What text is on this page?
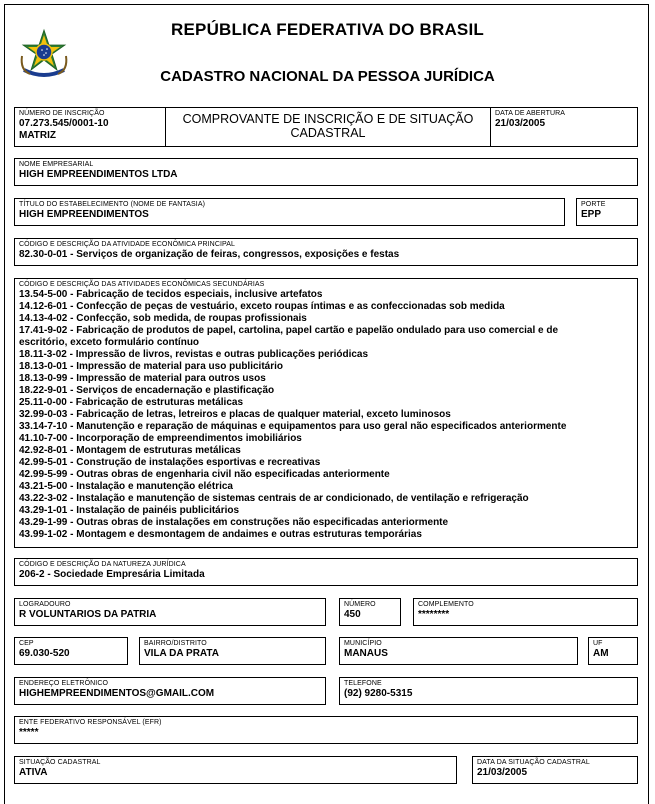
REPÚBLICA FEDERATIVA DO BRASIL
CADASTRO NACIONAL DA PESSOA JURÍDICA
NÚMERO DE INSCRIÇÃO
07.273.545/0001-10
MATRIZ
COMPROVANTE DE INSCRIÇÃO E DE SITUAÇÃO
CADASTRAL
DATA DE ABERTURA
21/03/2005
NOME EMPRESARIAL
HIGH EMPREENDIMENTOS LTDA
TÍTULO DO ESTABELECIMENTO (NOME DE FANTASIA)
HIGH EMPREENDIMENTOS
PORTE
EPP
CÓDIGO E DESCRIÇÃO DA ATIVIDADE ECONÔMICA PRINCIPAL
82.30-0-01 - Serviços de organização de feiras, congressos, exposições e festas
CÓDIGO E DESCRIÇÃO DAS ATIVIDADES ECONÔMICAS SECUNDÁRIAS
13.54-5-00 - Fabricação de tecidos especiais, inclusive artefatos
14.12-6-01 - Confecção de peças de vestuário, exceto roupas íntimas e as confeccionadas sob medida
14.13-4-02 - Confecção, sob medida, de roupas profissionais
17.41-9-02 - Fabricação de produtos de papel, cartolina, papel cartão e papelão ondulado para uso comercial e de
escritório, exceto formulário contínuo
18.11-3-02 - Impressão de livros, revistas e outras publicações periódicas
18.13-0-01 - Impressão de material para uso publicitário
18.13-0-99 - Impressão de material para outros usos
18.22-9-01 - Serviços de encadernação e plastificação
25.11-0-00 - Fabricação de estruturas metálicas
32.99-0-03 - Fabricação de letras, letreiros e placas de qualquer material, exceto luminosos
33.14-7-10 - Manutenção e reparação de máquinas e equipamentos para uso geral não especificados anteriormente
41.10-7-00 - Incorporação de empreendimentos imobiliários
42.92-8-01 - Montagem de estruturas metálicas
42.99-5-01 - Construção de instalações esportivas e recreativas
42.99-5-99 - Outras obras de engenharia civil não especificadas anteriormente
43.21-5-00 - Instalação e manutenção elétrica
43.22-3-02 - Instalação e manutenção de sistemas centrais de ar condicionado, de ventilação e refrigeração
43.29-1-01 - Instalação de painéis publicitários
43.29-1-99 - Outras obras de instalações em construções não especificadas anteriormente
43.99-1-02 - Montagem e desmontagem de andaimes e outras estruturas temporárias
CÓDIGO E DESCRIÇÃO DA NATUREZA JURÍDICA
206-2 - Sociedade Empresária Limitada
LOGRADOURO
R VOLUNTARIOS DA PATRIA
NÚMERO
450
COMPLEMENTO
********
CEP
69.030-520
BAIRRO/DISTRITO
VILA DA PRATA
MUNICÍPIO
MANAUS
UF
AM
ENDEREÇO ELETRÔNICO
HIGHEMPREENDIMENTOS@GMAIL.COM
TELEFONE
(92) 9280-5315
ENTE FEDERATIVO RESPONSÁVEL (EFR)
*****
SITUAÇÃO CADASTRAL
ATIVA
DATA DA SITUAÇÃO CADASTRAL
21/03/2005
